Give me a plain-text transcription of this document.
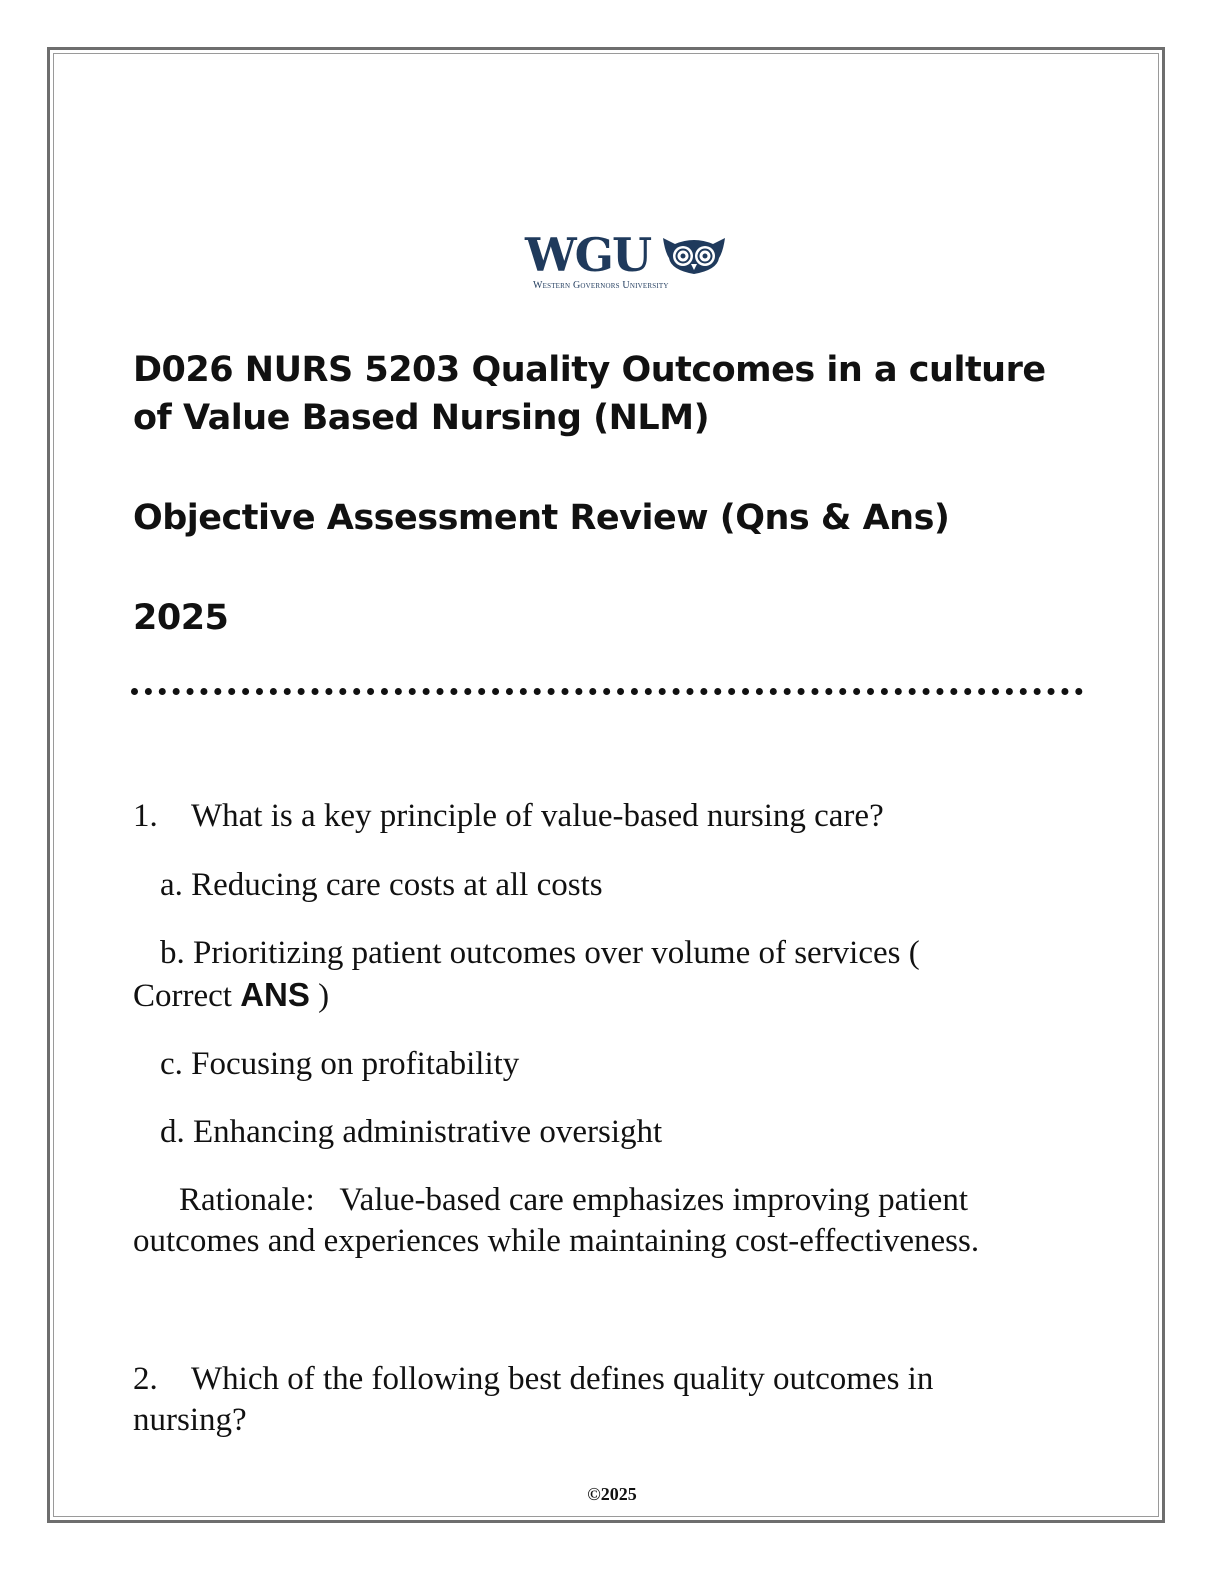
WGU
Western Governors University
D026 NURS 5203 Quality Outcomes in a culture of Value Based Nursing (NLM)
Objective Assessment Review (Qns & Ans)
2025

1. What is a key principle of value-based nursing care?

a. Reducing care costs at all costs

b. Prioritizing patient outcomes over volume of services (
Correct ANS )

c. Focusing on profitability

d. Enhancing administrative oversight

Rationale: Value-based care emphasizes improving patient outcomes and experiences while maintaining cost-effectiveness.

2. Which of the following best defines quality outcomes in nursing?

©2025
